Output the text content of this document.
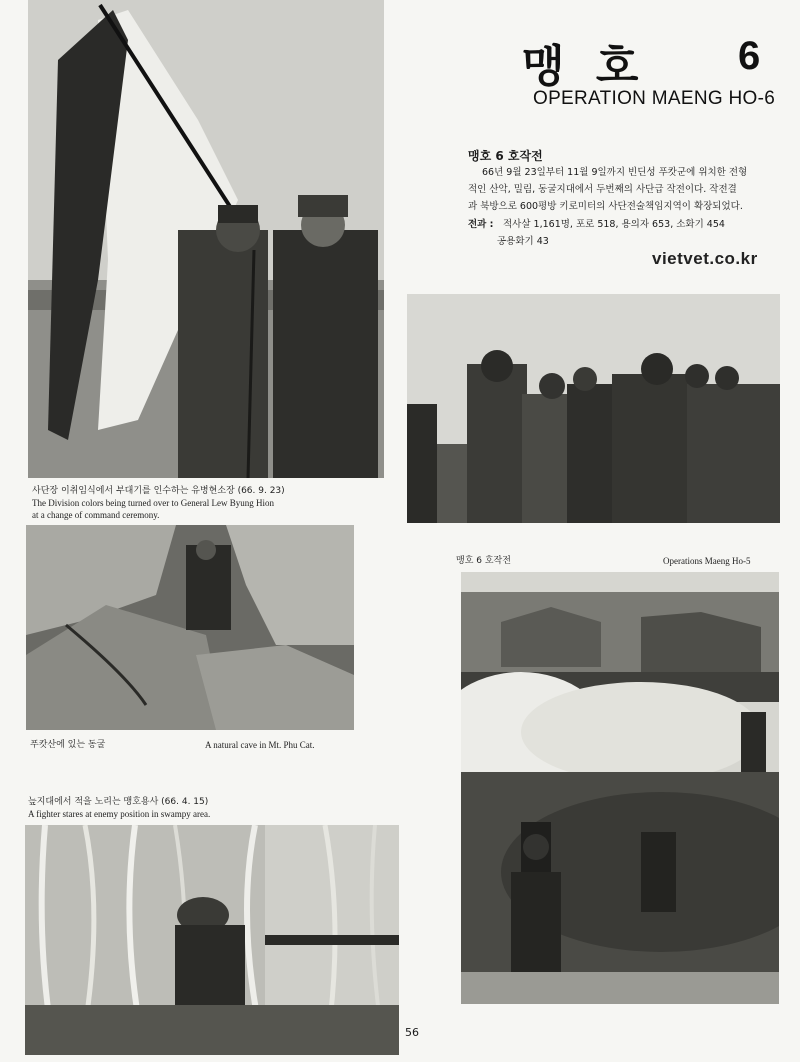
맹 호 6
OPERATION MAENG HO-6
맹호 6 호작전
66년 9월 23일부터 11월 9일까지 빈딘성 푸캇군에 위치한 전형
적인 산악, 밀림, 동굴지대에서 두번째의 사단급 작전이다. 작전결
과 북방으로 600평방 키로미터의 사단전술책임지역이 확장되었다.
전과 : 적사살 1,161명, 포로 518, 용의자 653, 소화기 454
공용화기 43
vietvet.co.kr
사단장 이취임식에서 부대기를 인수하는 유병현소장 (66. 9. 23)
The Division colors being turned over to General Lew Byung Hion
at a change of command ceremony.
푸캇산에 있는 동굴	A natural cave in Mt. Phu Cat.
맹호 6 호작전	Operations Maeng Ho-5
늪지대에서 적을 노리는 맹호용사 (66. 4. 15)
A fighter stares at enemy position in swampy area.
56
